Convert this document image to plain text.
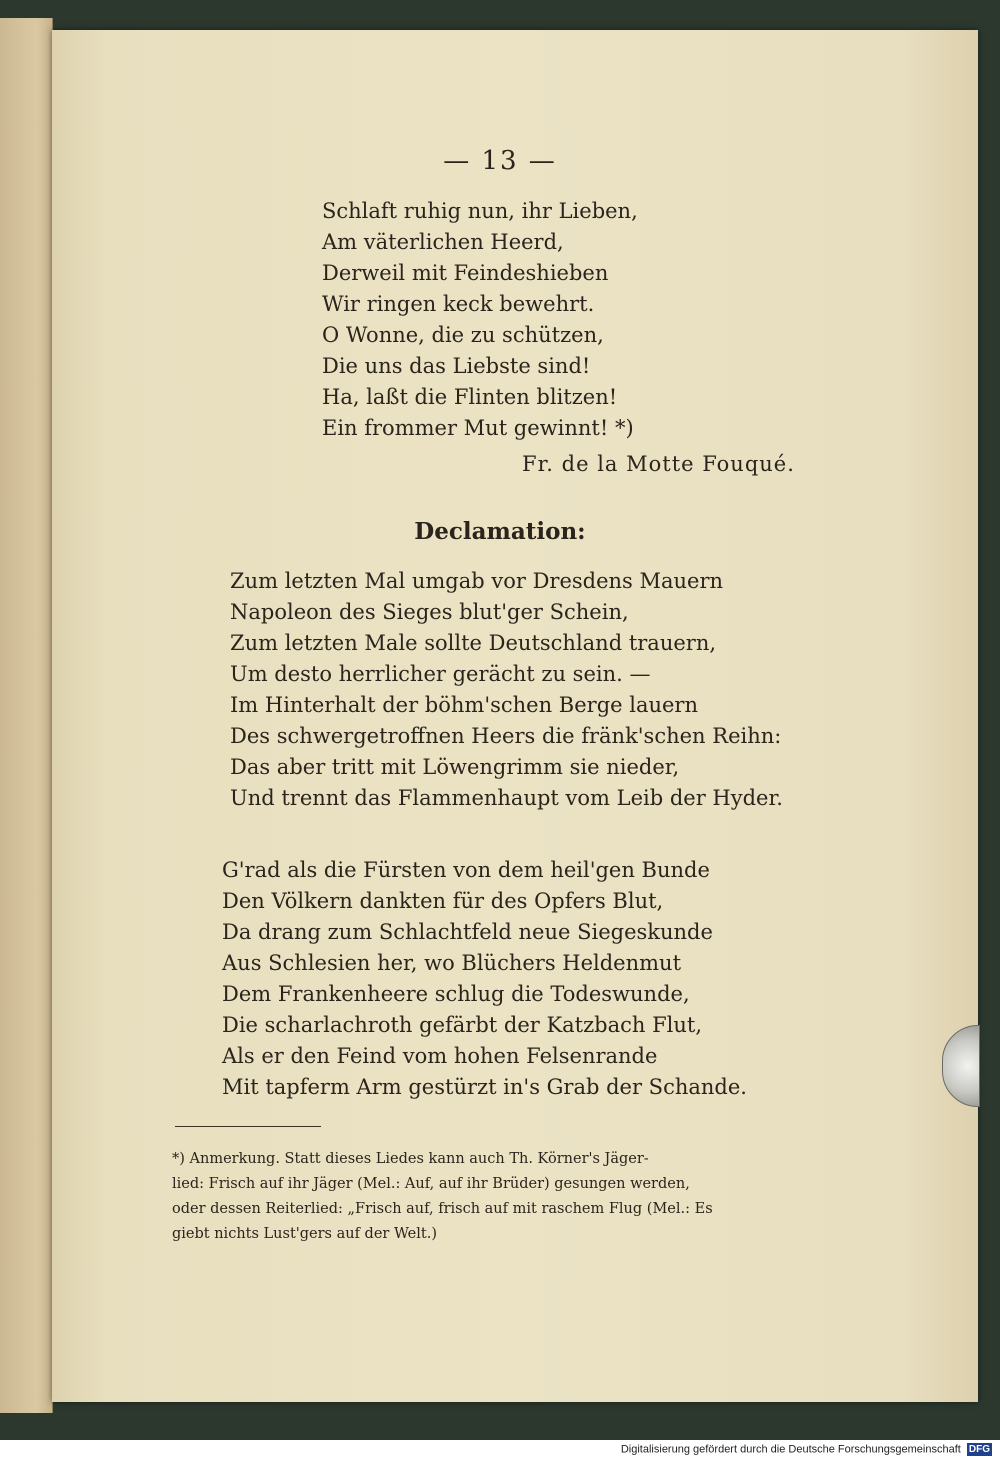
— 13 —
Schlaft ruhig nun, ihr Lieben,
Am väterlichen Heerd,
Derweil mit Feindeshieben
Wir ringen keck bewehrt.
O Wonne, die zu schützen,
Die uns das Liebste sind!
Ha, laßt die Flinten blitzen!
Ein frommer Mut gewinnt! *)
Fr. de la Motte Fouqué.
Declamation:
Zum letzten Mal umgab vor Dresdens Mauern
Napoleon des Sieges blut'ger Schein,
Zum letzten Male sollte Deutschland trauern,
Um desto herrlicher gerächt zu sein. —
Im Hinterhalt der böhm'schen Berge lauern
Des schwergetroffnen Heers die fränk'schen Reihn:
Das aber tritt mit Löwengrimm sie nieder,
Und trennt das Flammenhaupt vom Leib der Hyder.
G'rad als die Fürsten von dem heil'gen Bunde
Den Völkern dankten für des Opfers Blut,
Da drang zum Schlachtfeld neue Siegeskunde
Aus Schlesien her, wo Blüchers Heldenmut
Dem Frankenheere schlug die Todeswunde,
Die scharlachroth gefärbt der Katzbach Flut,
Als er den Feind vom hohen Felsenrande
Mit tapferm Arm gestürzt in's Grab der Schande.
*) Anmerkung. Statt dieses Liedes kann auch Th. Körner's Jäger-
lied: Frisch auf ihr Jäger (Mel.: Auf, auf ihr Brüder) gesungen werden,
oder dessen Reiterlied: „Frisch auf, frisch auf mit raschem Flug (Mel.: Es
giebt nichts Lust'gers auf der Welt.)
Digitalisierung gefördert durch die Deutsche Forschungsgemeinschaft DFG
